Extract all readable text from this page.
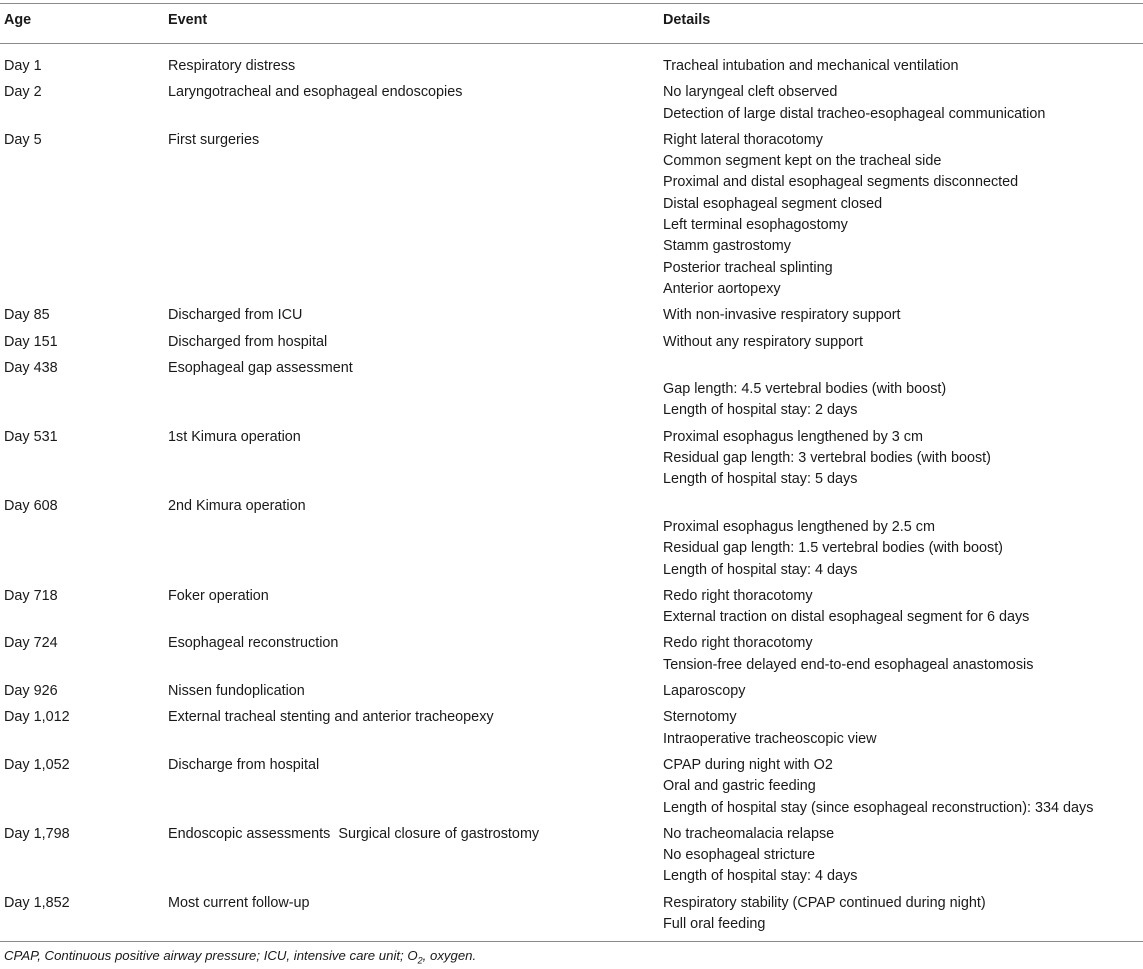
Age	Event	Details
Day 1	Respiratory distress	Tracheal intubation and mechanical ventilation
Day 2	Laryngotracheal and esophageal endoscopies	No laryngeal cleft observed
Detection of large distal tracheo-esophageal communication
Day 5	First surgeries	Right lateral thoracotomy
Common segment kept on the tracheal side
Proximal and distal esophageal segments disconnected
Distal esophageal segment closed
Left terminal esophagostomy
Stamm gastrostomy
Posterior tracheal splinting
Anterior aortopexy
Day 85	Discharged from ICU	With non-invasive respiratory support
Day 151	Discharged from hospital	Without any respiratory support
Day 438	Esophageal gap assessment
Gap length: 4.5 vertebral bodies (with boost)
Length of hospital stay: 2 days
Day 531	1st Kimura operation	Proximal esophagus lengthened by 3 cm
Residual gap length: 3 vertebral bodies (with boost)
Length of hospital stay: 5 days
Day 608	2nd Kimura operation
Proximal esophagus lengthened by 2.5 cm
Residual gap length: 1.5 vertebral bodies (with boost)
Length of hospital stay: 4 days
Day 718	Foker operation	Redo right thoracotomy
External traction on distal esophageal segment for 6 days
Day 724	Esophageal reconstruction	Redo right thoracotomy
Tension-free delayed end-to-end esophageal anastomosis
Day 926	Nissen fundoplication	Laparoscopy
Day 1,012	External tracheal stenting and anterior tracheopexy	Sternotomy
Intraoperative tracheoscopic view
Day 1,052	Discharge from hospital	CPAP during night with O2
Oral and gastric feeding
Length of hospital stay (since esophageal reconstruction): 334 days
Day 1,798	Endoscopic assessments  Surgical closure of gastrostomy	No tracheomalacia relapse
No esophageal stricture
Length of hospital stay: 4 days
Day 1,852	Most current follow-up	Respiratory stability (CPAP continued during night)
Full oral feeding
CPAP, Continuous positive airway pressure; ICU, intensive care unit; $O_2$, oxygen.
